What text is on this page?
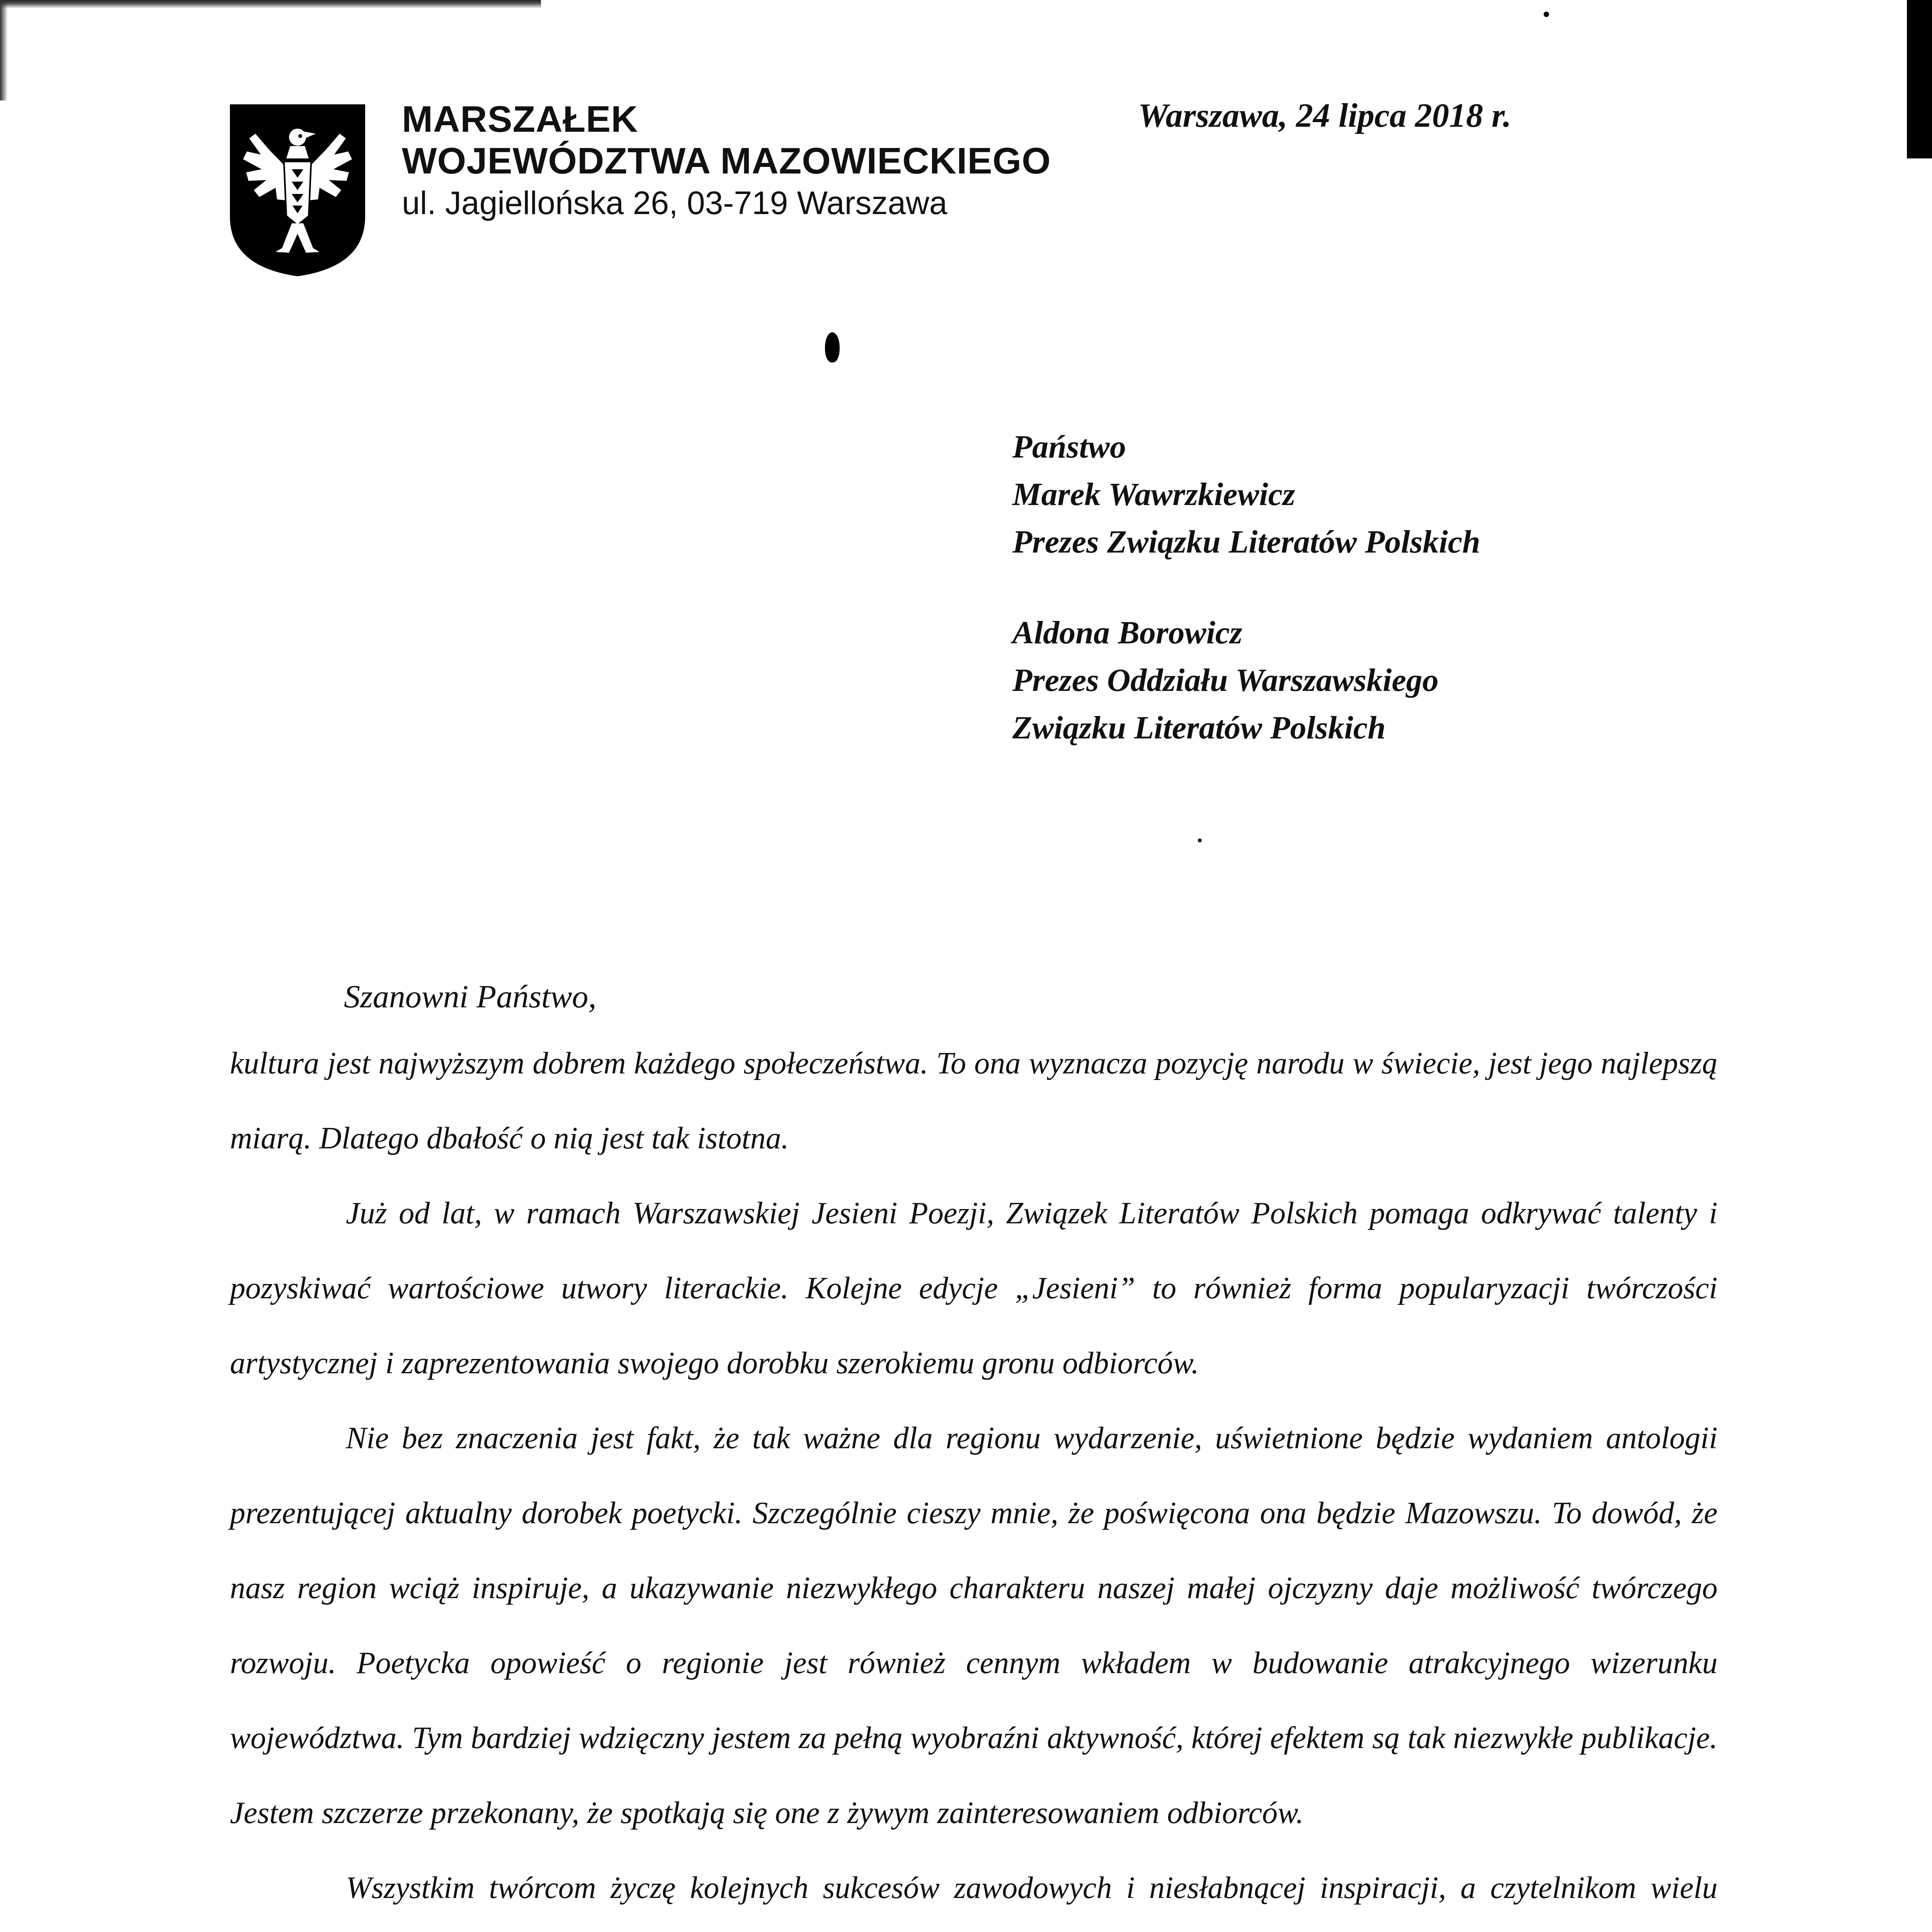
MARSZAŁEK
WOJEWÓDZTWA MAZOWIECKIEGO
ul. Jagiellońska 26, 03-719 Warszawa
Warszawa, 24 lipca 2018 r.
Państwo
Marek Wawrzkiewicz
Prezes Związku Literatów Polskich
Aldona Borowicz
Prezes Oddziału Warszawskiego
Związku Literatów Polskich
Szanowni Państwo,

kultura jest najwyższym dobrem każdego społeczeństwa. To ona wyznacza pozycję narodu w świecie, jest jego najlepszą miarą. Dlatego dbałość o nią jest tak istotna.

Już od lat, w ramach Warszawskiej Jesieni Poezji, Związek Literatów Polskich pomaga odkrywać talenty i pozyskiwać wartościowe utwory literackie. Kolejne edycje „Jesieni” to również forma popularyzacji twórczości artystycznej i zaprezentowania swojego dorobku szerokiemu gronu odbiorców.

Nie bez znaczenia jest fakt, że tak ważne dla regionu wydarzenie, uświetnione będzie wydaniem antologii prezentującej aktualny dorobek poetycki. Szczególnie cieszy mnie, że poświęcona ona będzie Mazowszu. To dowód, że nasz region wciąż inspiruje, a ukazywanie niezwykłego charakteru naszej małej ojczyzny daje możliwość twórczego rozwoju. Poetycka opowieść o regionie jest również cennym wkładem w budowanie atrakcyjnego wizerunku województwa. Tym bardziej wdzięczny jestem za pełną wyobraźni aktywność, której efektem są tak niezwykłe publikacje. Jestem szczerze przekonany, że spotkają się one z żywym zainteresowaniem odbiorców.

Wszystkim twórcom życzę kolejnych sukcesów zawodowych i niesłabnącej inspiracji, a czytelnikom wielu
